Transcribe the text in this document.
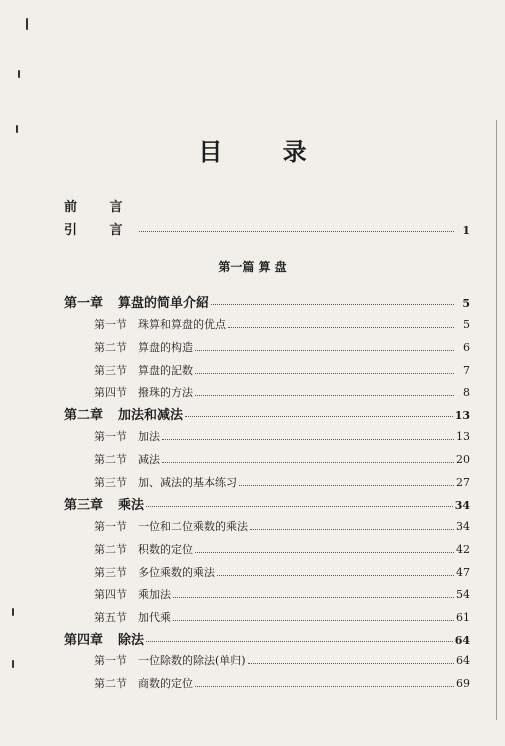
目 录
前 言
引 言	1
第一篇 算 盘
第一章 算盘的简单介紹	5
第一节 珠算和算盘的优点	5
第二节 算盘的构造	6
第三节 算盘的記数	7
第四节 撥珠的方法	8
第二章 加法和减法	13
第一节 加法	13
第二节 减法	20
第三节 加、减法的基本练习	27
第三章 乘法	34
第一节 一位和二位乘数的乘法	34
第二节 积数的定位	42
第三节 多位乘数的乘法	47
第四节 乘加法	54
第五节 加代乘	61
第四章 除法	64
第一节 一位除数的除法(单归)	64
第二节 商数的定位	69
